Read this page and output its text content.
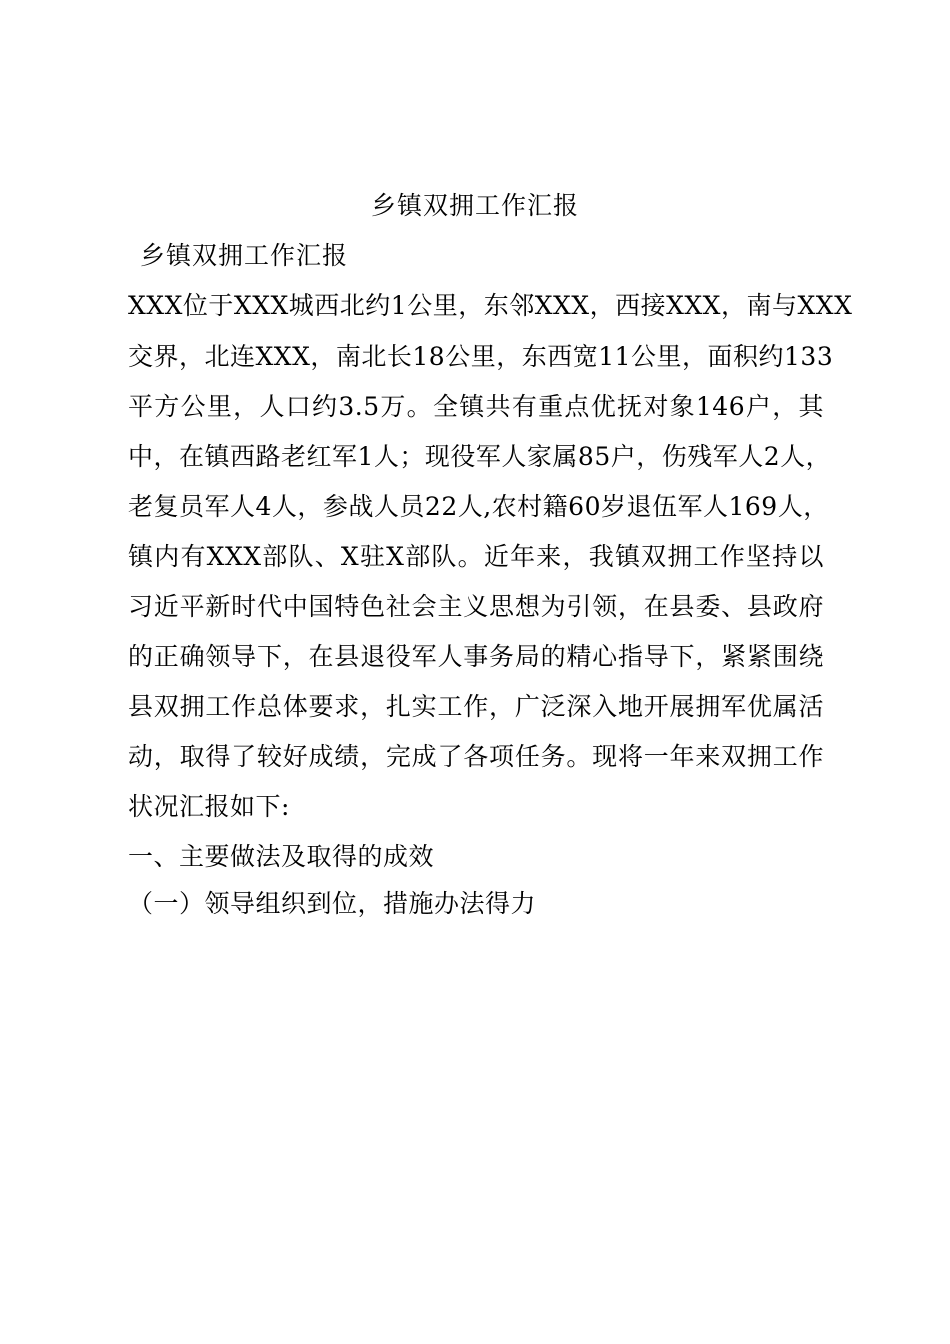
乡镇双拥工作汇报
乡镇双拥工作汇报
XXX位于XXX城西北约1公里，东邻XXX，西接XXX，南与XXX
交界，北连XXX，南北长18公里，东西宽11公里，面积约133
平方公里，人口约3.5万。全镇共有重点优抚对象146户，其
中，在镇西路老红军1人；现役军人家属85户，伤残军人2人，
老复员军人4人，参战人员22人,农村籍60岁退伍军人169人，
镇内有XXX部队、X驻X部队。近年来，我镇双拥工作坚持以
习近平新时代中国特色社会主义思想为引领，在县委、县政府
的正确领导下，在县退役军人事务局的精心指导下，紧紧围绕
县双拥工作总体要求，扎实工作，广泛深入地开展拥军优属活
动，取得了较好成绩，完成了各项任务。现将一年来双拥工作
状况汇报如下:
一、主要做法及取得的成效
（一）领导组织到位，措施办法得力
